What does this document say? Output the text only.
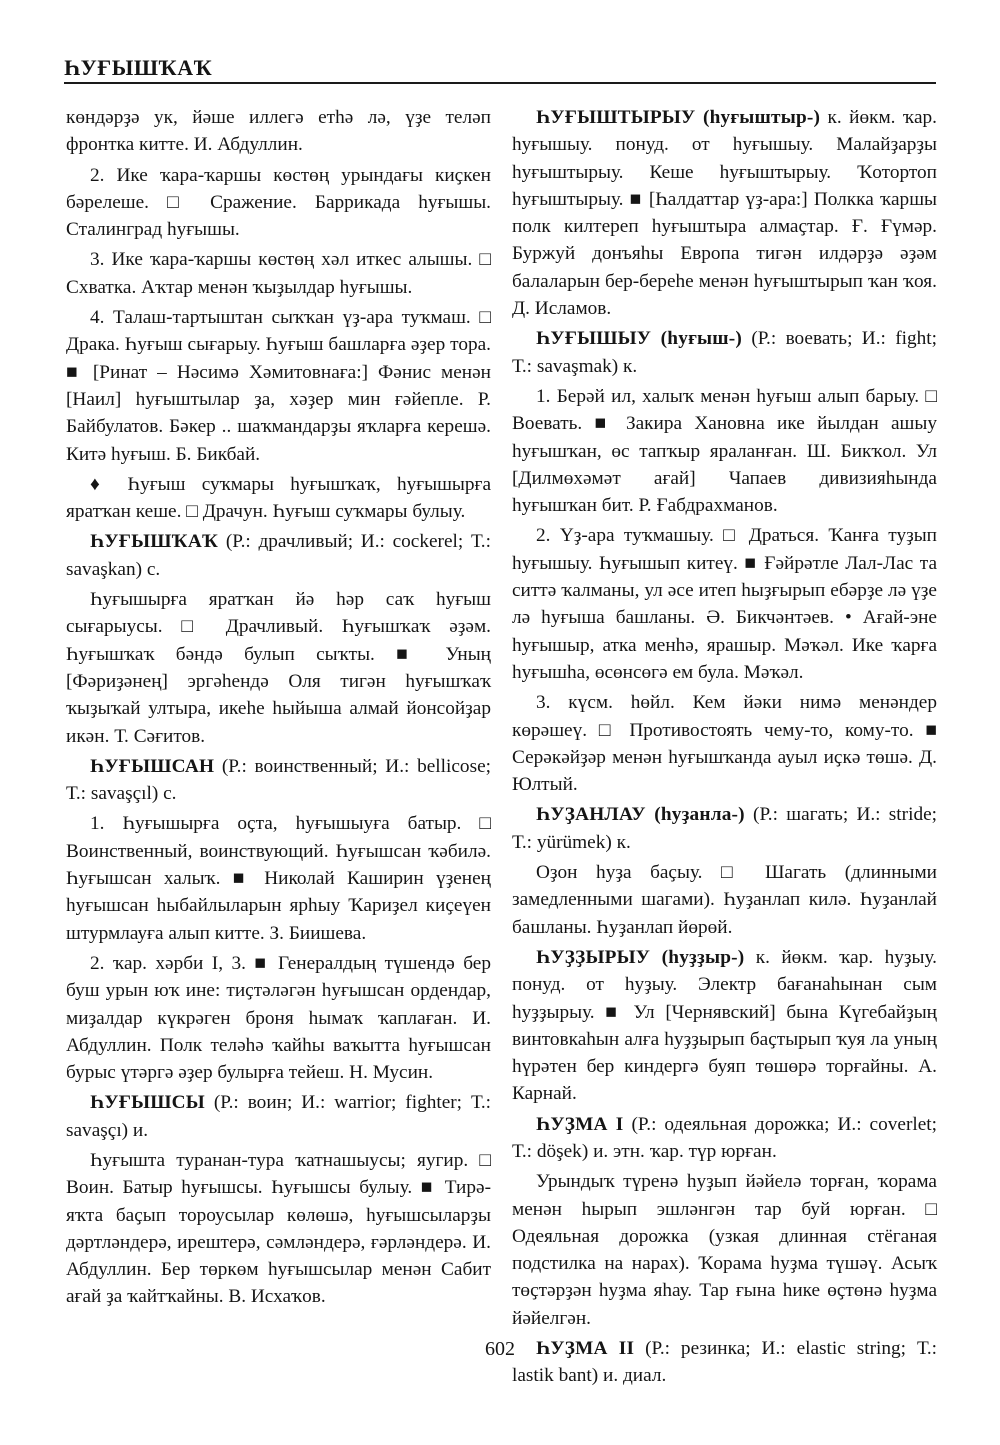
ҺУҒЫШҠАҠ

көндәрҙә ук, йәше иллегә етһә лә, үҙе теләп фронтка китте. И. Абдуллин.

2. Ике ҡара-ҡаршы көстөң урындағы киҫкен бәрелеше. □ Сражение. Баррикада һуғышы. Сталинград һуғышы.

3. Ике ҡара-ҡаршы көстөң хәл иткес алышы. □ Схватка. Аҡтар менән ҡыҙылдар һуғышы.

4. Талаш-тартыштан сыҡҡан үҙ-ара туҡмаш. □ Драка. Һуғыш сығарыу. Һуғыш башларға әҙер тора. ■ [Ринат – Нәсимә Хәмитовнаға:] Фәнис менән [Наил] һуғыштылар ҙа, хәҙер мин ғәйепле. Р. Байбулатов. Бәкер .. шаҡмандарҙы яҡларға керешә. Китә һуғыш. Б. Бикбай.

♦ Һуғыш суҡмары һуғышҡаҡ, һуғышырға яратҡан кеше. □ Драчун. Һуғыш суҡмары булыу.

ҺУҒЫШҠАҠ (Р.: драчливый; И.: cockerel; Т.: savaşkan) с.

Һуғышырға яратҡан йә һәр саҡ һуғыш сығарыусы. □ Драчливый. Һуғышҡаҡ әҙәм. Һуғышҡаҡ бәндә булып сыҡты. ■ Уның [Фәриҙәнең] эргәһендә Оля тигән һуғышҡаҡ ҡыҙыҡай ултыра, икеһе һыйыша алмай йонсойҙар икән. Т. Сәғитов.

ҺУҒЫШСАН (Р.: воинственный; И.: bellicose; Т.: savaşçıl) с.

1. Һуғышырға оҫта, һуғышыуға батыр. □ Воинственный, воинствующий. Һуғышсан ҡәбилә. Һуғышсан халыҡ. ■ Николай Каширин үҙенең һуғышсан һыбайлыларын ярһыу Ҡариҙел киҫеүен штурмлауға алып китте. З. Биишева.

2. ҡар. хәрби I, 3. ■ Генералдың түшендә бер буш урын юҡ ине: тиҫтәләгән һуғышсан ордендар, миҙалдар күкрәген броня һымаҡ ҡаплаған. И. Абдуллин. Полк теләһә ҡайһы ваҡытта һуғышсан бурыс үтәргә әҙер булырға тейеш. Н. Мусин.

ҺУҒЫШСЫ (Р.: воин; И.: warrior; fighter; Т.: savaşçı) и.

Һуғышта туранан-тура ҡатнашыусы; яугир. □ Воин. Батыр һуғышсы. Һуғышсы булыу. ■ Тирә-яҡта баҫып тороусылар көлөшә, һуғышсыларҙы дәртләндерә, ирештерә, сәмләндерә, ғәрләндерә. И. Абдуллин. Бер төркөм һуғышсылар менән Сабит ағай ҙа ҡайтҡайны. В. Исхаҡов.

ҺУҒЫШТЫРЫУ (һуғыштыр-) к. йөкм. ҡар. һуғышыу. понуд. от һуғышыу. Малайҙарҙы һуғыштырыу. Кеше һуғыштырыу. Ҡотортоп һуғыштырыу. ■ [Һалдаттар үҙ-ара:] Полкка ҡаршы полк килтереп һуғыштыра алмаҫтар. Ғ. Ғүмәр. Буржуй донъяһы Европа тигән илдәрҙә әҙәм балаларын бер-береһе менән һуғыштырып ҡан ҡоя. Д. Исламов.

ҺУҒЫШЫУ (һуғыш-) (Р.: воевать; И.: fight; Т.: savaşmak) к.

1. Берәй ил, халыҡ менән һуғыш алып барыу. □ Воевать. ■ Закира Хановна ике йылдан ашыу һуғышҡан, өс тапҡыр яраланған. Ш. Бикҡол. Ул [Дилмөхәмәт ағай] Чапаев дивизияһында һуғышҡан бит. Р. Ғабдрахманов.

2. Үҙ-ара туҡмашыу. □ Драться. Ҡанға туҙып һуғышыу. Һуғышып китеү. ■ Ғәйрәтле Лал-Лас та ситтә ҡалманы, ул әсе итеп һыҙғырып ебәрҙе лә үҙе лә һуғыша башланы. Ә. Бикчәнтәев. • Ағай-эне һуғышыр, атка менһә, ярашыр. Мәҡәл. Ике ҡарға һуғышһа, өсөнсөгә ем була. Мәҡәл.

3. күсм. һөйл. Кем йәки нимә менәндер көрәшеү. □ Противостоять чему-то, кому-то. ■ Серәкәйҙәр менән һуғышҡанда ауыл иҫкә төшә. Д. Юлтый.

ҺУҘАНЛАУ (һуҙанла-) (Р.: шагать; И.: stride; Т.: yürümek) к.

Оҙон һуҙа баҫыу. □ Шагать (длинными замедленными шагами). Һуҙанлап килә. Һуҙанлай башланы. Һуҙанлап йөрөй.

ҺУҘҘЫРЫУ (һуҙҙыр-) к. йөкм. ҡар. һуҙыу. понуд. от һуҙыу. Электр бағанаһынан сым һуҙҙырыу. ■ Ул [Чернявский] бына Күгебайҙың винтовкаһын алға һуҙҙырып баҫтырып ҡуя ла уның һүрәтен бер киндергә буяп төшөрә торғайны. А. Карнай.

ҺУҘМА I (Р.: одеяльная дорожка; И.: coverlet; Т.: döşek) и. этн. ҡар. түр юрған.

Урындыҡ түренә һуҙып йәйелә торған, ҡорама менән һырып эшләнгән тар буй юрған. □ Одеяльная дорожка (узкая длинная стёганая подстилка на нарах). Ҡорама һуҙма түшәү. Асыҡ төҫтәрҙән һуҙма яһау. Тар ғына һике өҫтөнә һуҙма йәйелгән.

ҺУҘМА II (Р.: резинка; И.: elastic string; Т.: lastik bant) и. диал.

602
